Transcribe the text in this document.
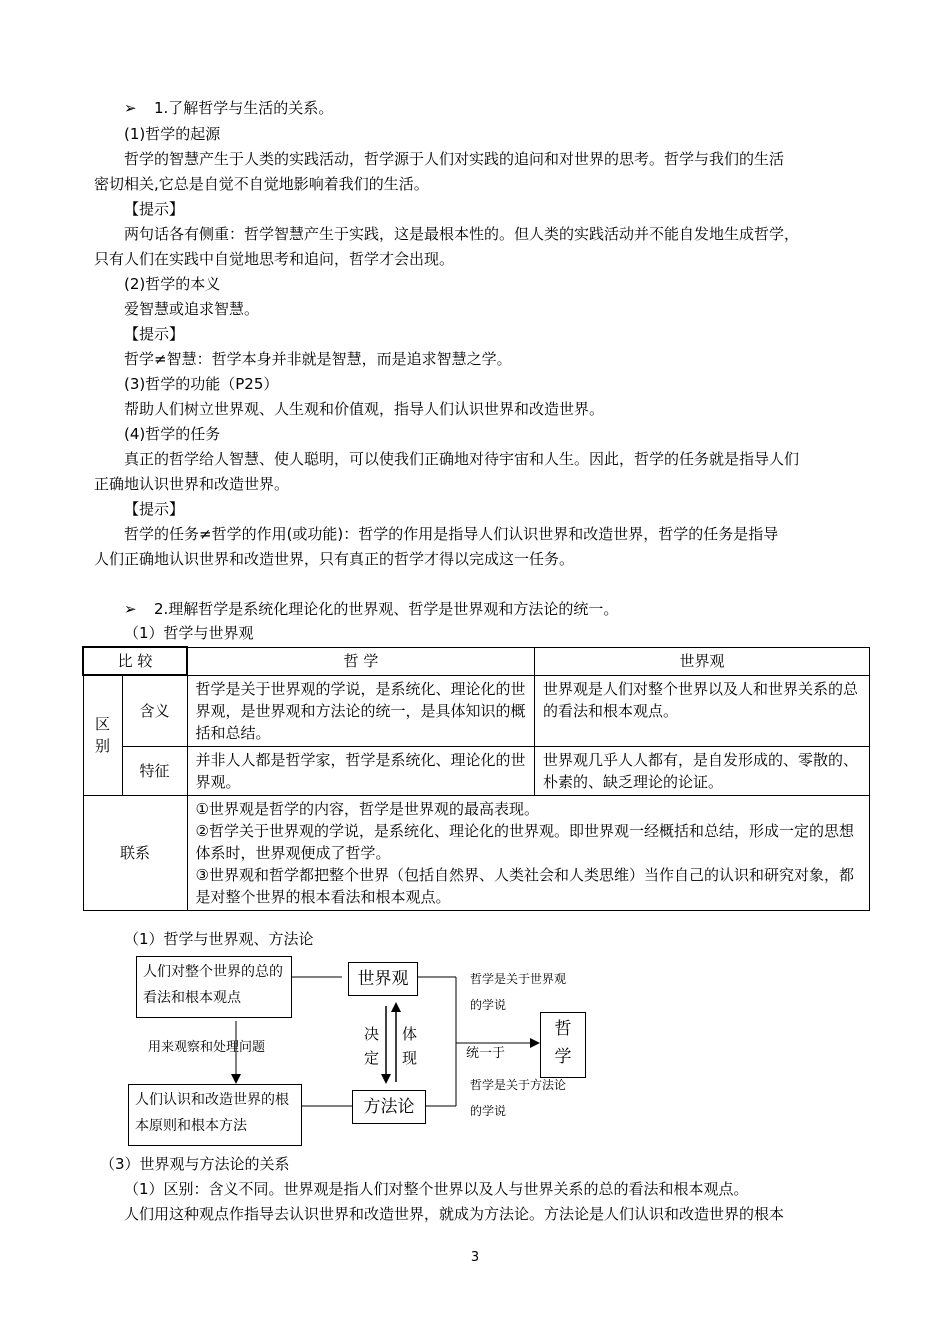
➢ 1.了解哲学与生活的关系。
(1)哲学的起源
哲学的智慧产生于人类的实践活动，哲学源于人们对实践的追问和对世界的思考。哲学与我们的生活
密切相关,它总是自觉不自觉地影响着我们的生活。
【提示】
两句话各有侧重：哲学智慧产生于实践，这是最根本性的。但人类的实践活动并不能自发地生成哲学，
只有人们在实践中自觉地思考和追问，哲学才会出现。
(2)哲学的本义
爱智慧或追求智慧。
【提示】
哲学≠智慧：哲学本身并非就是智慧，而是追求智慧之学。
(3)哲学的功能（P25）
帮助人们树立世界观、人生观和价值观，指导人们认识世界和改造世界。
(4)哲学的任务
真正的哲学给人智慧、使人聪明，可以使我们正确地对待宇宙和人生。因此，哲学的任务就是指导人们
正确地认识世界和改造世界。
【提示】
哲学的任务≠哲学的作用(或功能)：哲学的作用是指导人们认识世界和改造世界，哲学的任务是指导
人们正确地认识世界和改造世界，只有真正的哲学才得以完成这一任务。
➢ 2.理解哲学是系统化理论化的世界观、哲学是世界观和方法论的统一。
（1）哲学与世界观
比 较		哲 学	世界观
区
别	含义	哲学是关于世界观的学说，是系统化、理论化的世界观，是世界观和方法论的统一，是具体知识的概括和总结。	世界观是人们对整个世界以及人和世界关系的总的看法和根本观点。
	特征	并非人人都是哲学家，哲学是系统化、理论化的世界观。	世界观几乎人人都有，是自发形成的、零散的、朴素的、缺乏理论的论证。
联系		①世界观是哲学的内容，哲学是世界观的最高表现。
②哲学关于世界观的学说，是系统化、理论化的世界观。即世界观一经概括和总结，形成一定的思想体系时，世界观便成了哲学。
③世界观和哲学都把整个世界（包括自然界、人类社会和人类思维）当作自己的认识和研究对象，都是对整个世界的根本看法和根本观点。	
（1）哲学与世界观、方法论
人们对整个世界的总的看法和根本观点
世界观
用来观察和处理问题
人们认识和改造世界的根本原则和根本方法
方法论
决
定
体
现
哲学是关于世界观的学说
统一于
哲学是关于方法论的学说
哲
学
（3）世界观与方法论的关系
（1）区别：含义不同。世界观是指人们对整个世界以及人与世界关系的总的看法和根本观点。
人们用这种观点作指导去认识世界和改造世界，就成为方法论。方法论是人们认识和改造世界的根本
3
